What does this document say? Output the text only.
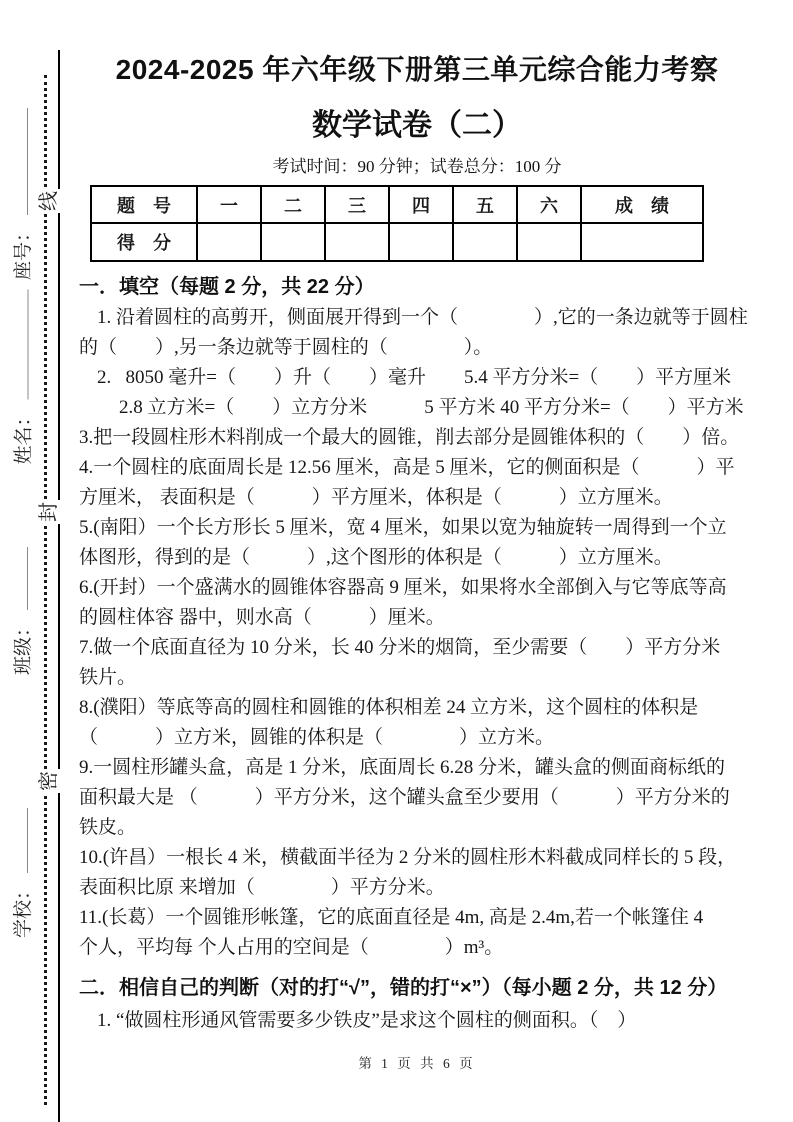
座号：
姓名：
班级：
学校：
线
封
密
2024-2025 年六年级下册第三单元综合能力考察
数学试卷（二）
考试时间：90 分钟；试卷总分：100 分
题　号	一	二	三	四	五	六	成　绩
得　分							
一．填空（每题 2 分，共 22 分）
1. 沿着圆柱的高剪开，侧面展开得到一个（　　　　）,它的一条边就等于圆柱
的（　　）,另一条边就等于圆柱的（　　　　）。
2.   8050 毫升=（　　）升（　　）毫升　　5.4 平方分米=（　　）平方厘米
2.8 立方米=（　　）立方分米　　　5 平方米 40 平方分米=（　　）平方米
3.把一段圆柱形木料削成一个最大的圆锥，削去部分是圆锥体积的（　　）倍。
4.一个圆柱的底面周长是 12.56 厘米，高是 5 厘米，它的侧面积是（　　　）平
方厘米， 表面积是（　　　）平方厘米，体积是（　　　）立方厘米。
5.(南阳）一个长方形长 5 厘米，宽 4 厘米，如果以宽为轴旋转一周得到一个立
体图形，得到的是（　　　）,这个图形的体积是（　　　）立方厘米。
6.(开封）一个盛满水的圆锥体容器高 9 厘米，如果将水全部倒入与它等底等高
的圆柱体容 器中，则水高（　　　）厘米。
7.做一个底面直径为 10 分米，长 40 分米的烟筒，至少需要（　　）平方分米
铁片。
8.(濮阳）等底等高的圆柱和圆锥的体积相差 24 立方米，这个圆柱的体积是
（　　　）立方米，圆锥的体积是（　　　　）立方米。
9.一圆柱形罐头盒，高是 1 分米，底面周长 6.28 分米，罐头盒的侧面商标纸的
面积最大是 （　　　）平方分米，这个罐头盒至少要用（　　　）平方分米的
铁皮。
10.(许昌）一根长 4 米，横截面半径为 2 分米的圆柱形木料截成同样长的 5 段，
表面积比原 来增加（　　　　）平方分米。
11.(长葛）一个圆锥形帐篷，它的底面直径是 4m, 高是 2.4m,若一个帐篷住 4
个人，平均每 个人占用的空间是（　　　　）m³。
二．相信自己的判断（对的打“√”，错的打“×”）（每小题 2 分，共 12 分）
1. “做圆柱形通风管需要多少铁皮”是求这个圆柱的侧面积。（　）
第 1 页 共 6 页
